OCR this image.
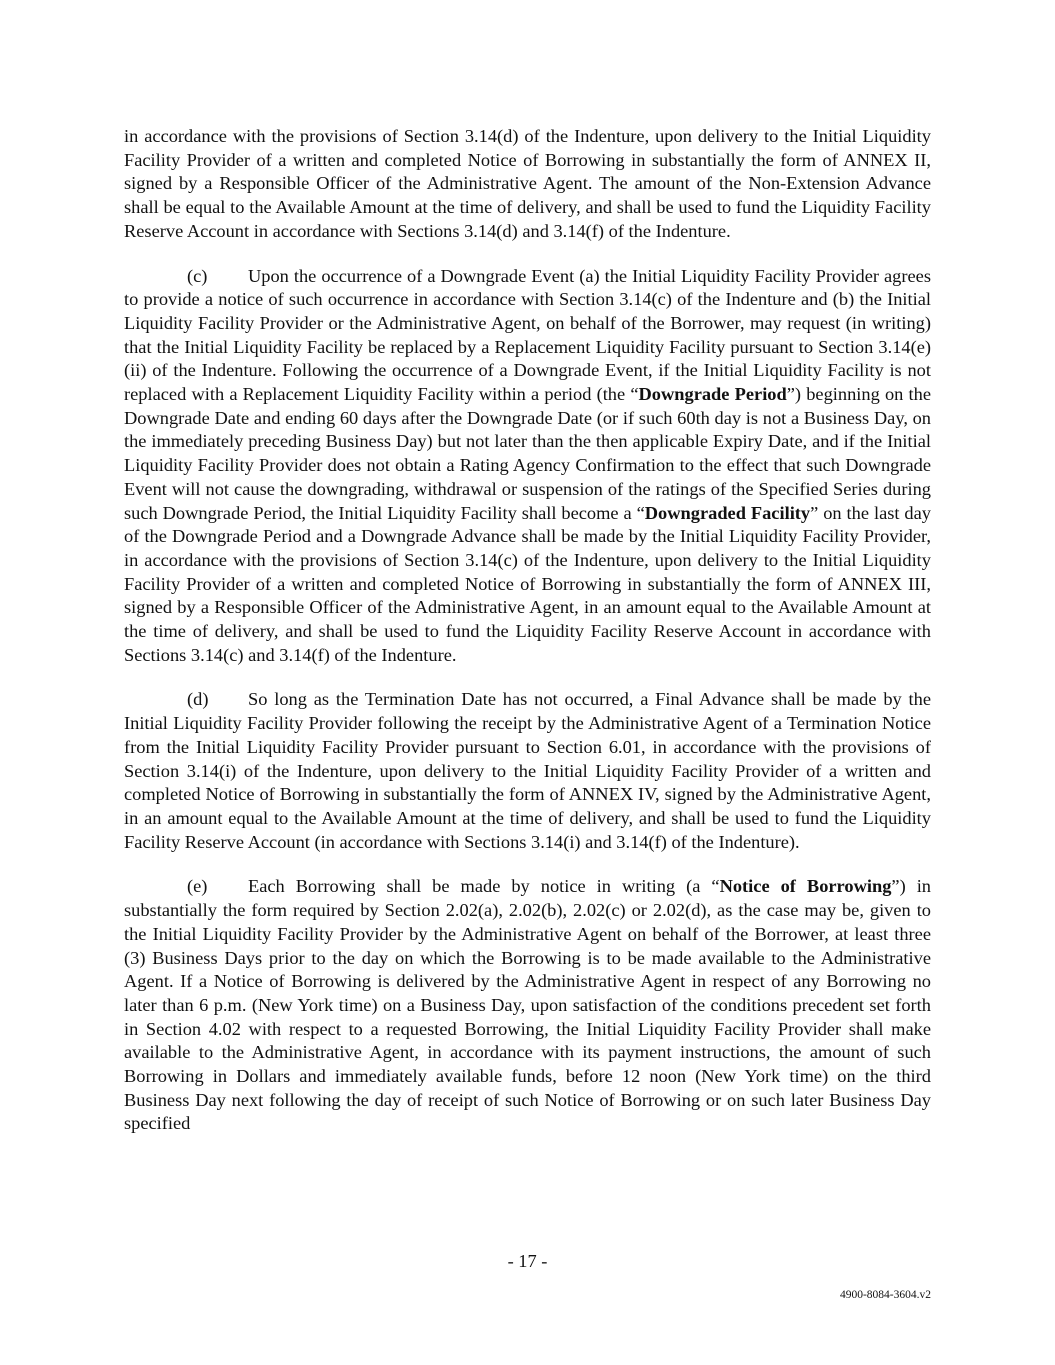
in accordance with the provisions of Section 3.14(d) of the Indenture, upon delivery to the Initial Liquidity Facility Provider of a written and completed Notice of Borrowing in substantially the form of ANNEX II, signed by a Responsible Officer of the Administrative Agent. The amount of the Non-Extension Advance shall be equal to the Available Amount at the time of delivery, and shall be used to fund the Liquidity Facility Reserve Account in accordance with Sections 3.14(d) and 3.14(f) of the Indenture.

(c) Upon the occurrence of a Downgrade Event (a) the Initial Liquidity Facility Provider agrees to provide a notice of such occurrence in accordance with Section 3.14(c) of the Indenture and (b) the Initial Liquidity Facility Provider or the Administrative Agent, on behalf of the Borrower, may request (in writing) that the Initial Liquidity Facility be replaced by a Replacement Liquidity Facility pursuant to Section 3.14(e)(ii) of the Indenture. Following the occurrence of a Downgrade Event, if the Initial Liquidity Facility is not replaced with a Replacement Liquidity Facility within a period (the “Downgrade Period”) beginning on the Downgrade Date and ending 60 days after the Downgrade Date (or if such 60th day is not a Business Day, on the immediately preceding Business Day) but not later than the then applicable Expiry Date, and if the Initial Liquidity Facility Provider does not obtain a Rating Agency Confirmation to the effect that such Downgrade Event will not cause the downgrading, withdrawal or suspension of the ratings of the Specified Series during such Downgrade Period, the Initial Liquidity Facility shall become a “Downgraded Facility” on the last day of the Downgrade Period and a Downgrade Advance shall be made by the Initial Liquidity Facility Provider, in accordance with the provisions of Section 3.14(c) of the Indenture, upon delivery to the Initial Liquidity Facility Provider of a written and completed Notice of Borrowing in substantially the form of ANNEX III, signed by a Responsible Officer of the Administrative Agent, in an amount equal to the Available Amount at the time of delivery, and shall be used to fund the Liquidity Facility Reserve Account in accordance with Sections 3.14(c) and 3.14(f) of the Indenture.

(d) So long as the Termination Date has not occurred, a Final Advance shall be made by the Initial Liquidity Facility Provider following the receipt by the Administrative Agent of a Termination Notice from the Initial Liquidity Facility Provider pursuant to Section 6.01, in accordance with the provisions of Section 3.14(i) of the Indenture, upon delivery to the Initial Liquidity Facility Provider of a written and completed Notice of Borrowing in substantially the form of ANNEX IV, signed by the Administrative Agent, in an amount equal to the Available Amount at the time of delivery, and shall be used to fund the Liquidity Facility Reserve Account (in accordance with Sections 3.14(i) and 3.14(f) of the Indenture).

(e) Each Borrowing shall be made by notice in writing (a “Notice of Borrowing”) in substantially the form required by Section 2.02(a), 2.02(b), 2.02(c) or 2.02(d), as the case may be, given to the Initial Liquidity Facility Provider by the Administrative Agent on behalf of the Borrower, at least three (3) Business Days prior to the day on which the Borrowing is to be made available to the Administrative Agent. If a Notice of Borrowing is delivered by the Administrative Agent in respect of any Borrowing no later than 6 p.m. (New York time) on a Business Day, upon satisfaction of the conditions precedent set forth in Section 4.02 with respect to a requested Borrowing, the Initial Liquidity Facility Provider shall make available to the Administrative Agent, in accordance with its payment instructions, the amount of such Borrowing in Dollars and immediately available funds, before 12 noon (New York time) on the third Business Day next following the day of receipt of such Notice of Borrowing or on such later Business Day specified

- 17 -
4900-8084-3604.v2
